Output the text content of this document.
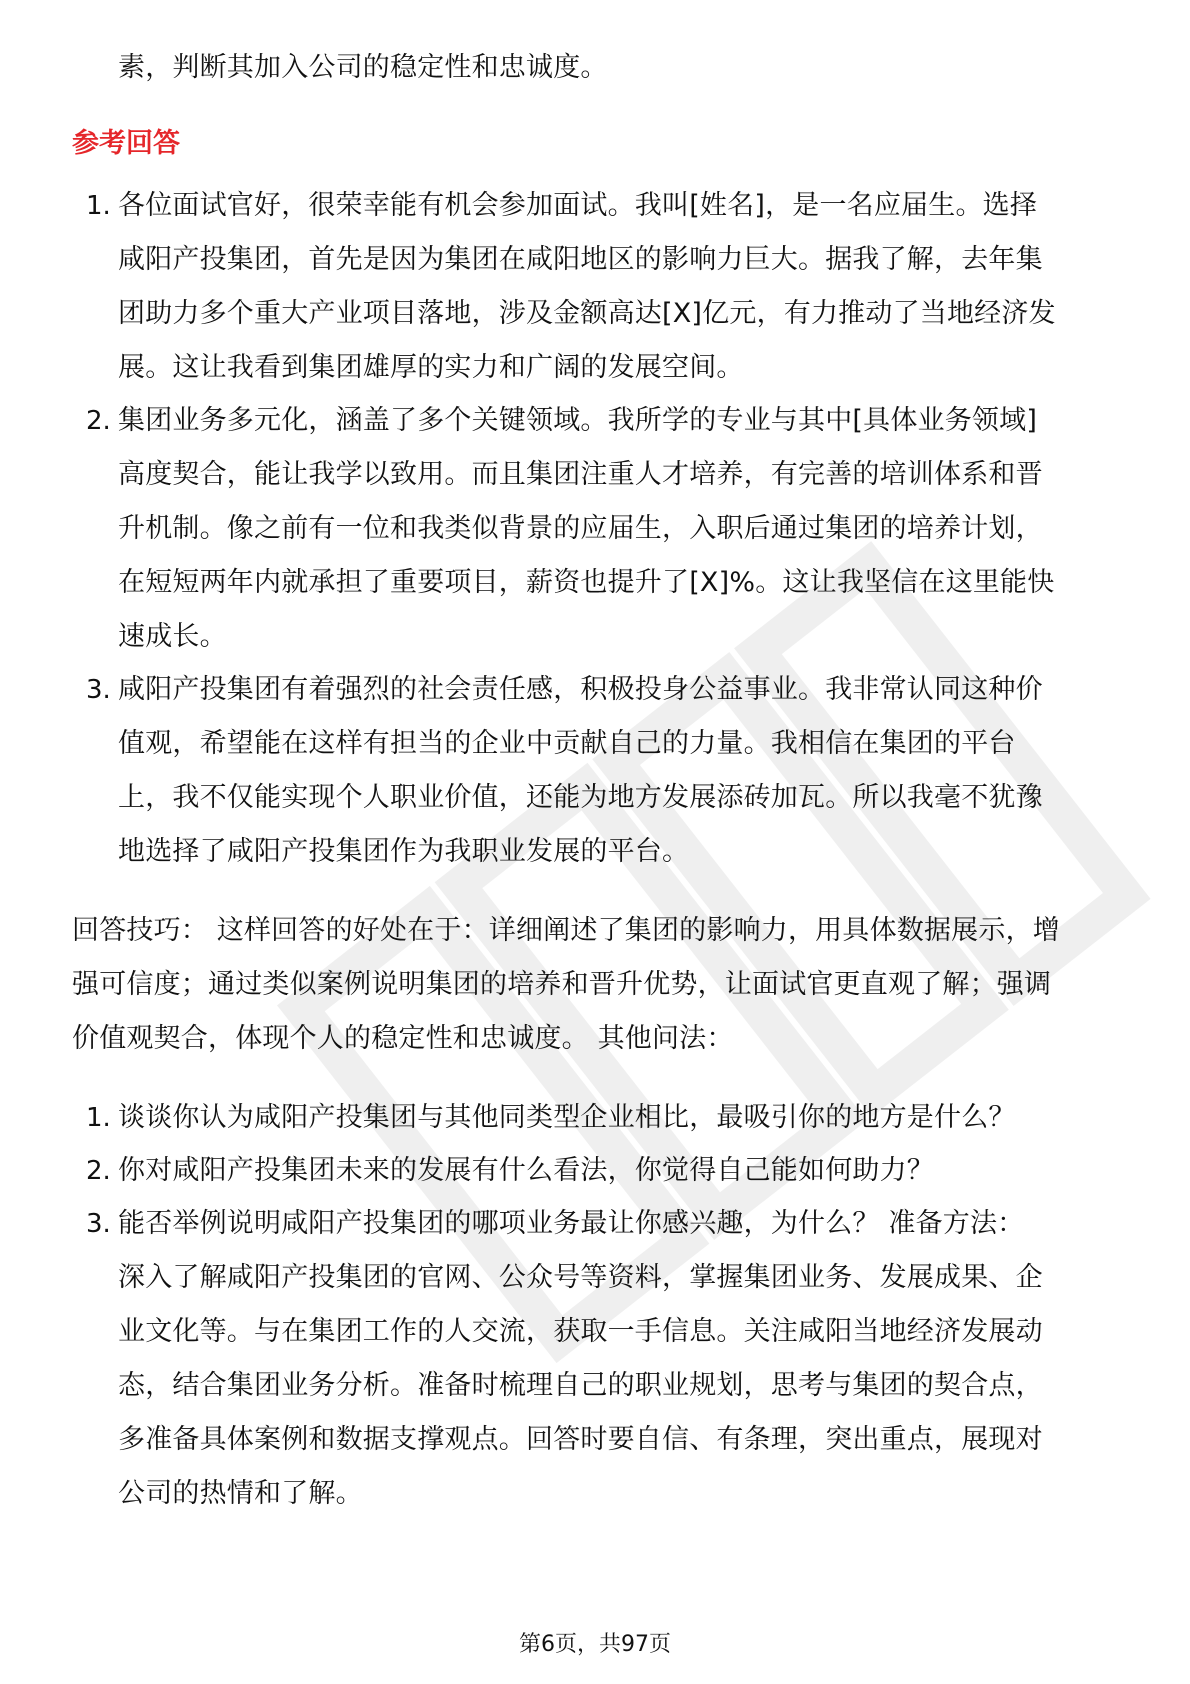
素，判断其加入公司的稳定性和忠诚度。
参考回答
1. 各位面试官好，很荣幸能有机会参加面试。我叫[姓名]，是一名应届生。选择
咸阳产投集团，首先是因为集团在咸阳地区的影响力巨大。据我了解，去年集
团助力多个重大产业项目落地，涉及金额高达[X]亿元，有力推动了当地经济发
展。这让我看到集团雄厚的实力和广阔的发展空间。
2. 集团业务多元化，涵盖了多个关键领域。我所学的专业与其中[具体业务领域]
高度契合，能让我学以致用。而且集团注重人才培养，有完善的培训体系和晋
升机制。像之前有一位和我类似背景的应届生，入职后通过集团的培养计划，
在短短两年内就承担了重要项目，薪资也提升了[X]%。这让我坚信在这里能快
速成长。
3. 咸阳产投集团有着强烈的社会责任感，积极投身公益事业。我非常认同这种价
值观，希望能在这样有担当的企业中贡献自己的力量。我相信在集团的平台
上，我不仅能实现个人职业价值，还能为地方发展添砖加瓦。所以我毫不犹豫
地选择了咸阳产投集团作为我职业发展的平台。
回答技巧： 这样回答的好处在于：详细阐述了集团的影响力，用具体数据展示，增
强可信度；通过类似案例说明集团的培养和晋升优势，让面试官更直观了解；强调
价值观契合，体现个人的稳定性和忠诚度。 其他问法：
1. 谈谈你认为咸阳产投集团与其他同类型企业相比，最吸引你的地方是什么？
2. 你对咸阳产投集团未来的发展有什么看法，你觉得自己能如何助力？
3. 能否举例说明咸阳产投集团的哪项业务最让你感兴趣，为什么？ 准备方法：
深入了解咸阳产投集团的官网、公众号等资料，掌握集团业务、发展成果、企
业文化等。与在集团工作的人交流，获取一手信息。关注咸阳当地经济发展动
态，结合集团业务分析。准备时梳理自己的职业规划，思考与集团的契合点，
多准备具体案例和数据支撑观点。回答时要自信、有条理，突出重点，展现对
公司的热情和了解。
第6页，共97页
